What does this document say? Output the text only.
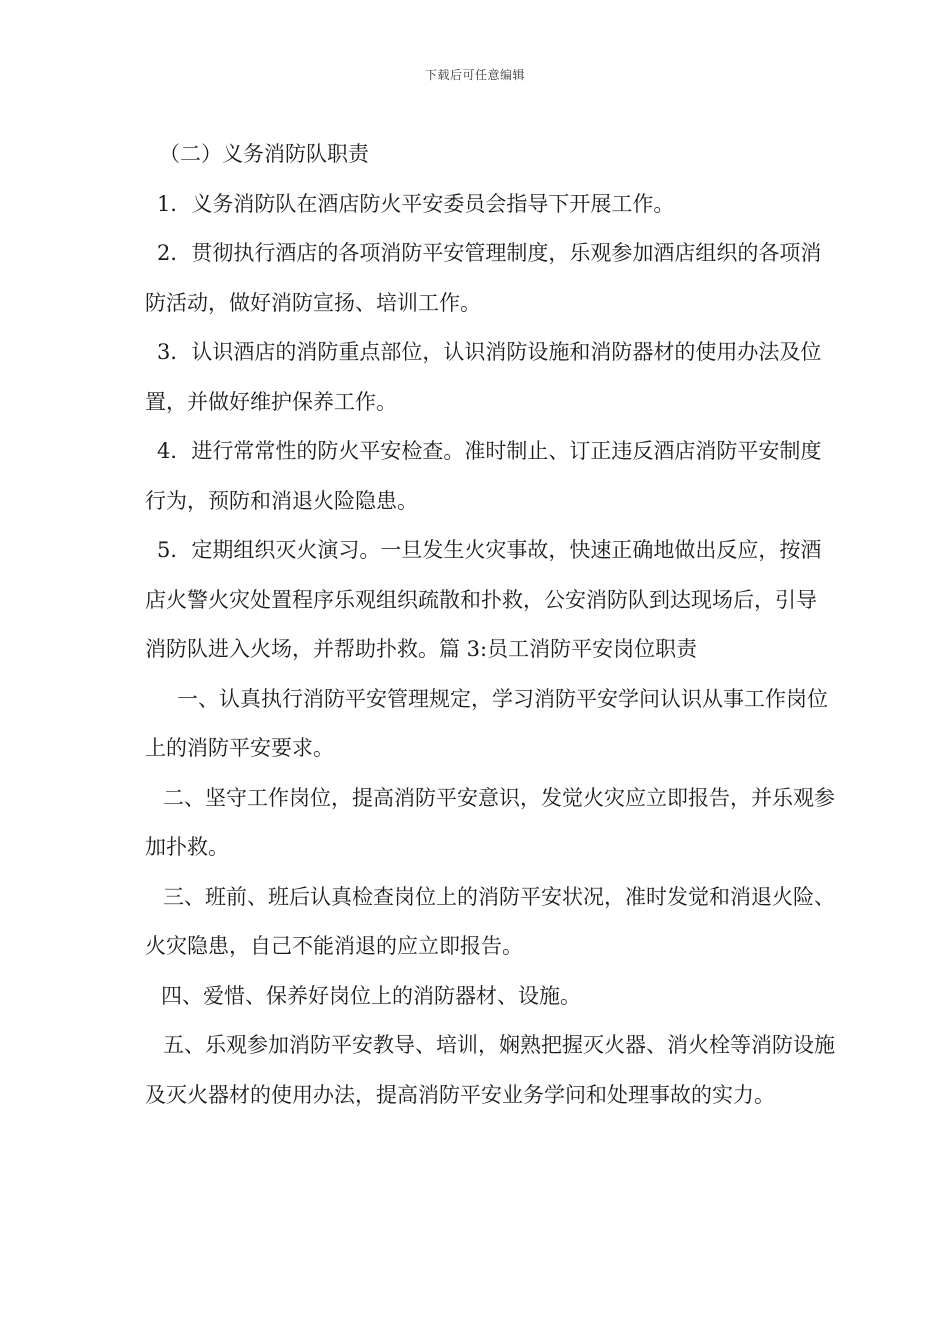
下载后可任意编辑

（二）义务消防队职责

1．义务消防队在酒店防火平安委员会指导下开展工作。

2．贯彻执行酒店的各项消防平安管理制度，乐观参加酒店组织的各项消防活动，做好消防宣扬、培训工作。

3．认识酒店的消防重点部位，认识消防设施和消防器材的使用办法及位置，并做好维护保养工作。

4．进行常常性的防火平安检查。准时制止、订正违反酒店消防平安制度行为，预防和消退火险隐患。

5．定期组织灭火演习。一旦发生火灾事故，快速正确地做出反应，按酒店火警火灾处置程序乐观组织疏散和扑救，公安消防队到达现场后，引导消防队进入火场，并帮助扑救。篇 3:员工消防平安岗位职责

一、认真执行消防平安管理规定，学习消防平安学问认识从事工作岗位上的消防平安要求。

二、坚守工作岗位，提高消防平安意识，发觉火灾应立即报告，并乐观参加扑救。

三、班前、班后认真检查岗位上的消防平安状况，准时发觉和消退火险、火灾隐患，自己不能消退的应立即报告。

四、爱惜、保养好岗位上的消防器材、设施。

五、乐观参加消防平安教导、培训，娴熟把握灭火器、消火栓等消防设施及灭火器材的使用办法，提高消防平安业务学问和处理事故的实力。
